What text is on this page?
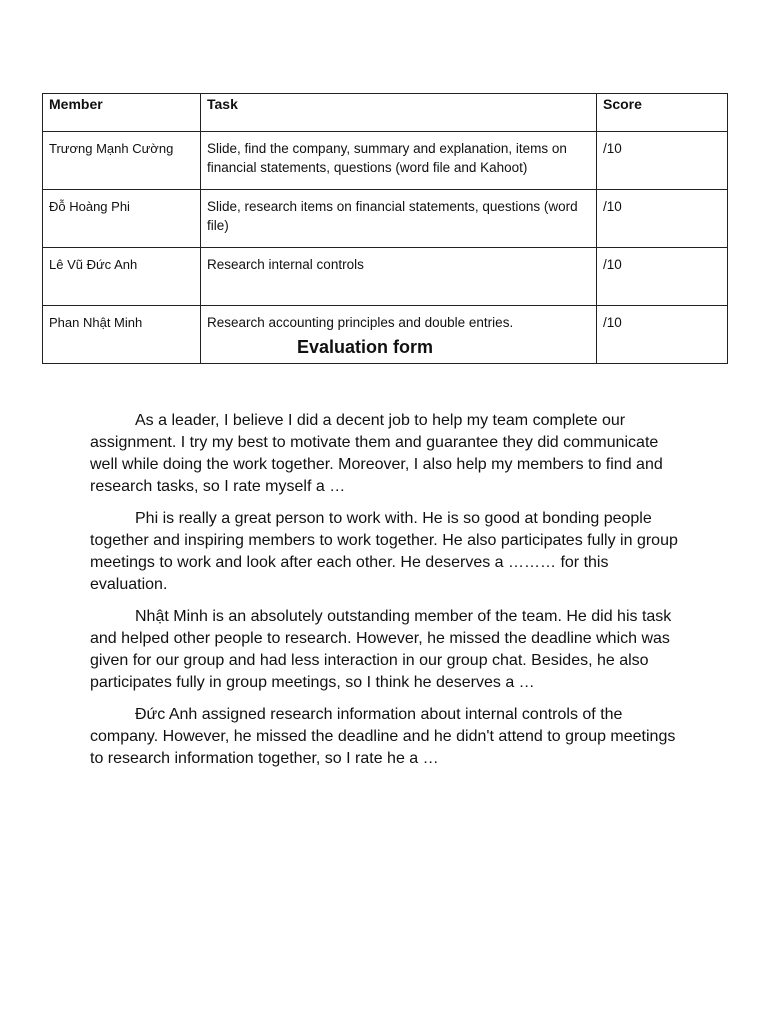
Member	Task	Score
Trương Mạnh Cường	Slide, find the company, summary and explanation, items on financial statements, questions (word file and Kahoot)	/10
Đỗ Hoàng Phi	Slide, research items on financial statements, questions (word file)	/10
Lê Vũ Đức Anh	Research internal controls	/10
Phan Nhật Minh	Research accounting principles and double entries.	/10
Evaluation form

As a leader, I believe I did a decent job to help my team complete our assignment. I try my best to motivate them and guarantee they did communicate well while doing the work together. Moreover, I also help my members to find and research tasks, so I rate myself a …

Phi is really a great person to work with. He is so good at bonding people together and inspiring members to work together. He also participates fully in group meetings to work and look after each other. He deserves a ……… for this evaluation.

Nhật Minh is an absolutely outstanding member of the team. He did his task and helped other people to research. However, he missed the deadline which was given for our group and had less interaction in our group chat. Besides, he also participates fully in group meetings, so I think he deserves a …

Đức Anh assigned research information about internal controls of the company. However, he missed the deadline and he didn't attend to group meetings to research information together, so I rate he a …
